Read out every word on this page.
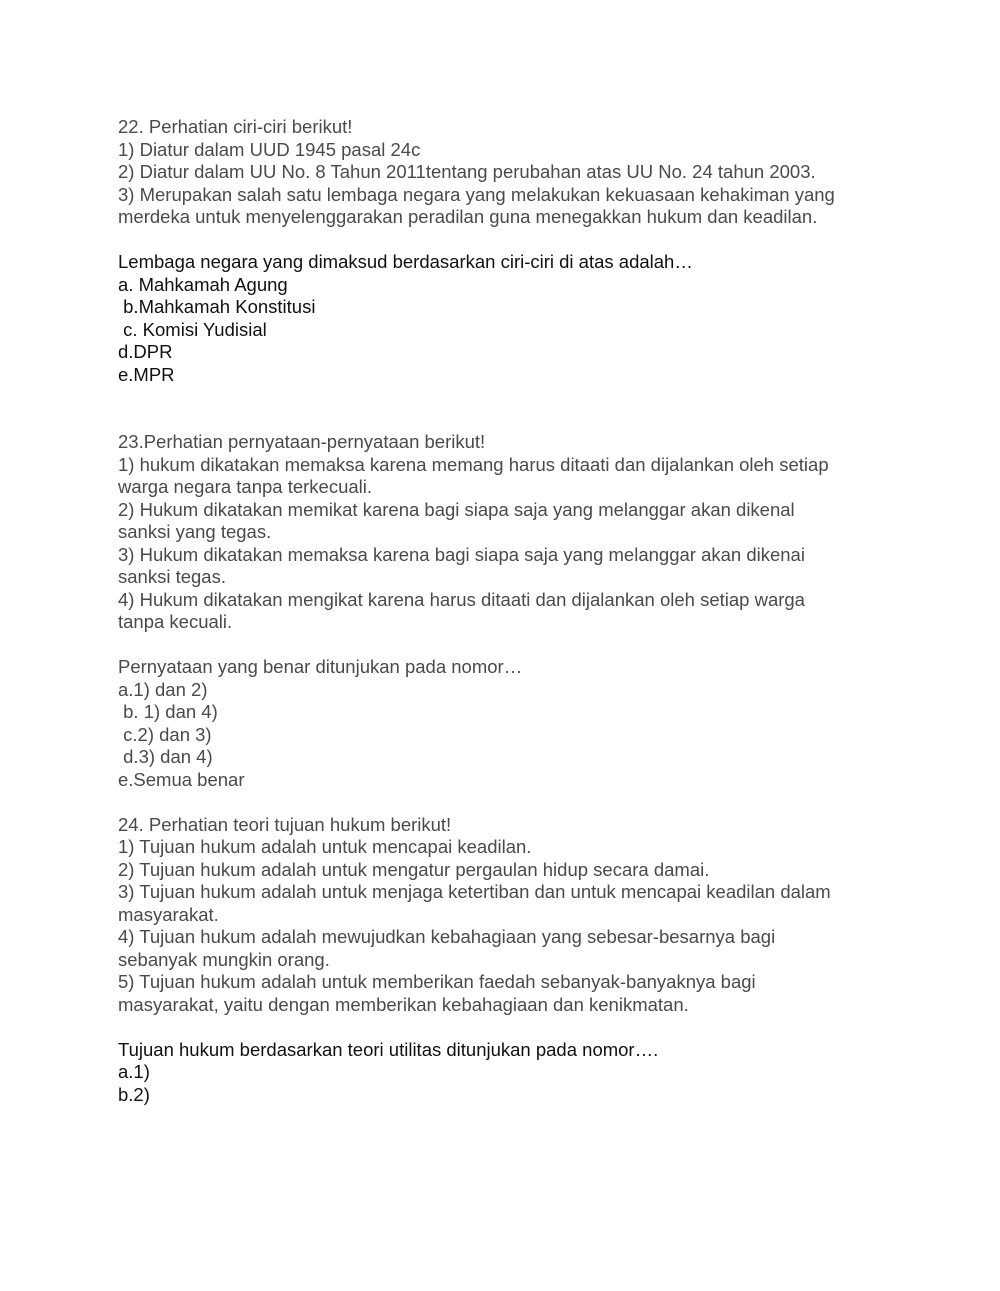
22. Perhatian ciri-ciri berikut!
1) Diatur dalam UUD 1945 pasal 24c
2) Diatur dalam UU No. 8 Tahun 2011tentang perubahan atas UU No. 24 tahun 2003.
3) Merupakan salah satu lembaga negara yang melakukan kekuasaan kehakiman yang
merdeka untuk menyelenggarakan peradilan guna menegakkan hukum dan keadilan.
Lembaga negara yang dimaksud berdasarkan ciri-ciri di atas adalah…
a. Mahkamah Agung
b.Mahkamah Konstitusi
c. Komisi Yudisial
d.DPR
e.MPR
23.Perhatian pernyataan-pernyataan berikut!
1) hukum dikatakan memaksa karena memang harus ditaati dan dijalankan oleh setiap
warga negara tanpa terkecuali.
2) Hukum dikatakan memikat karena bagi siapa saja yang melanggar akan dikenal
sanksi yang tegas.
3) Hukum dikatakan memaksa karena bagi siapa saja yang melanggar akan dikenai
sanksi tegas.
4) Hukum dikatakan mengikat karena harus ditaati dan dijalankan oleh setiap warga
tanpa kecuali.
Pernyataan yang benar ditunjukan pada nomor…
a.1) dan 2)
b. 1) dan 4)
c.2) dan 3)
d.3) dan 4)
e.Semua benar
24. Perhatian teori tujuan hukum berikut!
1) Tujuan hukum adalah untuk mencapai keadilan.
2) Tujuan hukum adalah untuk mengatur pergaulan hidup secara damai.
3) Tujuan hukum adalah untuk menjaga ketertiban dan untuk mencapai keadilan dalam
masyarakat.
4) Tujuan hukum adalah mewujudkan kebahagiaan yang sebesar-besarnya bagi
sebanyak mungkin orang.
5) Tujuan hukum adalah untuk memberikan faedah sebanyak-banyaknya bagi
masyarakat, yaitu dengan memberikan kebahagiaan dan kenikmatan.
Tujuan hukum berdasarkan teori utilitas ditunjukan pada nomor….
a.1)
b.2)
